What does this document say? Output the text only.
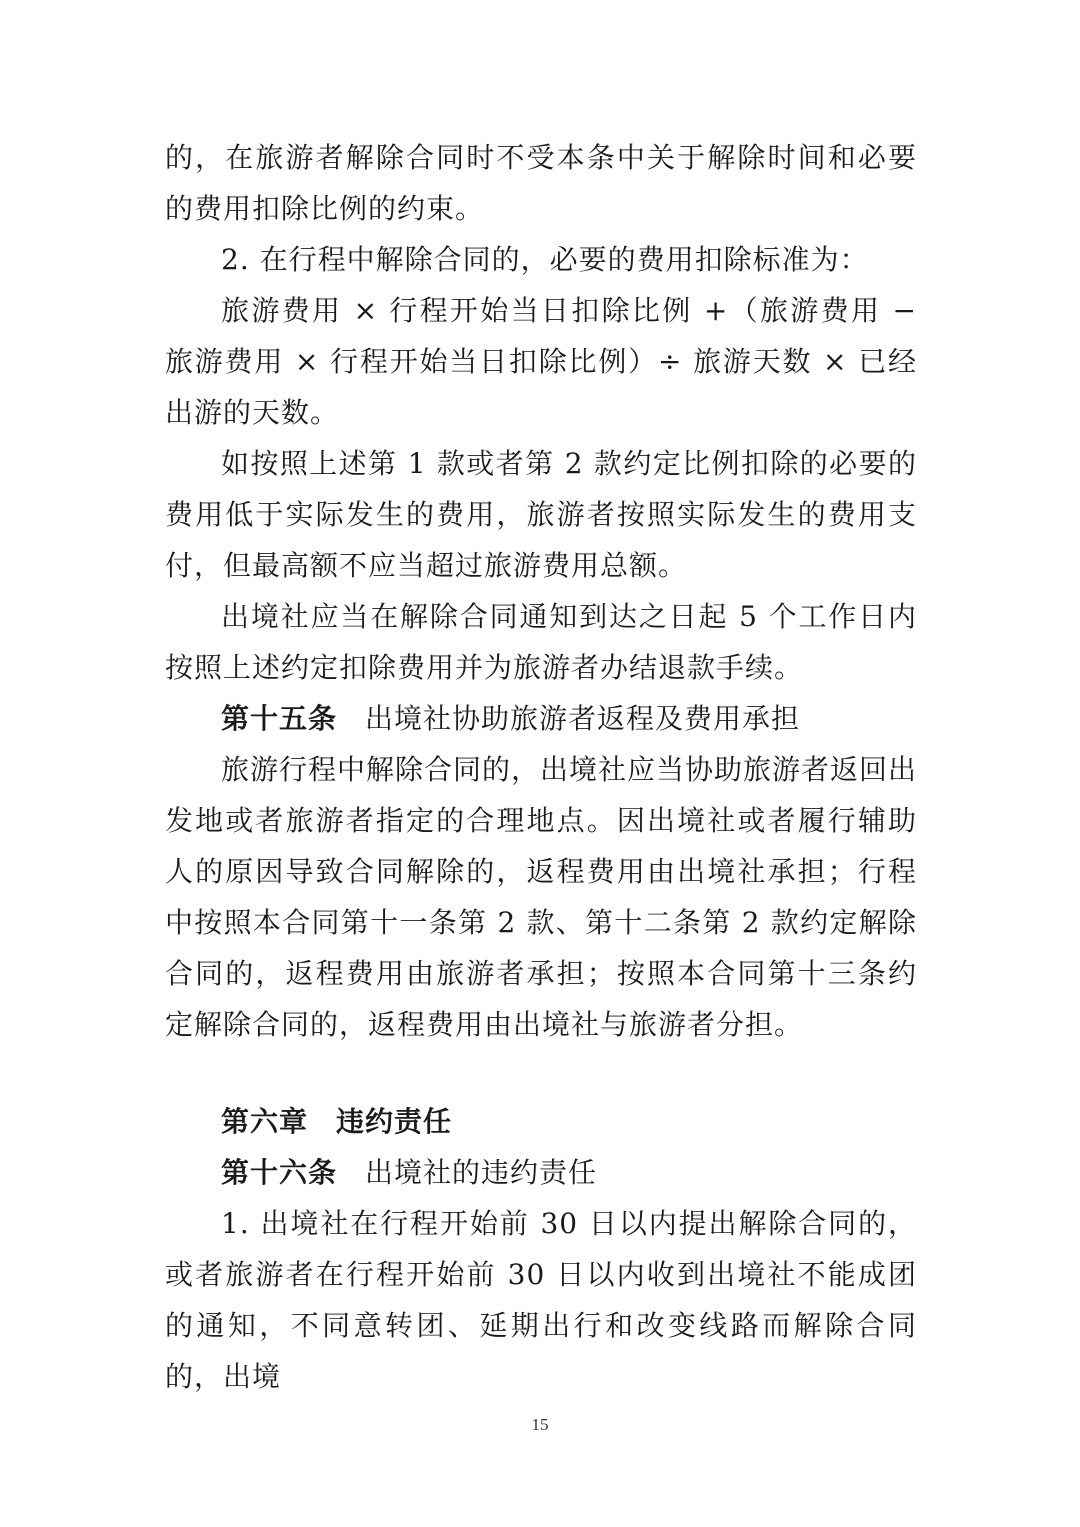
的，在旅游者解除合同时不受本条中关于解除时间和必要的费用扣除比例的约束。

2. 在行程中解除合同的，必要的费用扣除标准为：

旅游费用 × 行程开始当日扣除比例 +（旅游费用 − 旅游费用 × 行程开始当日扣除比例）÷ 旅游天数 × 已经出游的天数。

如按照上述第 1 款或者第 2 款约定比例扣除的必要的费用低于实际发生的费用，旅游者按照实际发生的费用支付，但最高额不应当超过旅游费用总额。

出境社应当在解除合同通知到达之日起 5 个工作日内按照上述约定扣除费用并为旅游者办结退款手续。

第十五条 出境社协助旅游者返程及费用承担

旅游行程中解除合同的，出境社应当协助旅游者返回出发地或者旅游者指定的合理地点。因出境社或者履行辅助人的原因导致合同解除的，返程费用由出境社承担；行程中按照本合同第十一条第 2 款、第十二条第 2 款约定解除合同的，返程费用由旅游者承担；按照本合同第十三条约定解除合同的，返程费用由出境社与旅游者分担。

第六章 违约责任

第十六条 出境社的违约责任

1. 出境社在行程开始前 30 日以内提出解除合同的，或者旅游者在行程开始前 30 日以内收到出境社不能成团的通知，不同意转团、延期出行和改变线路而解除合同的，出境

15
